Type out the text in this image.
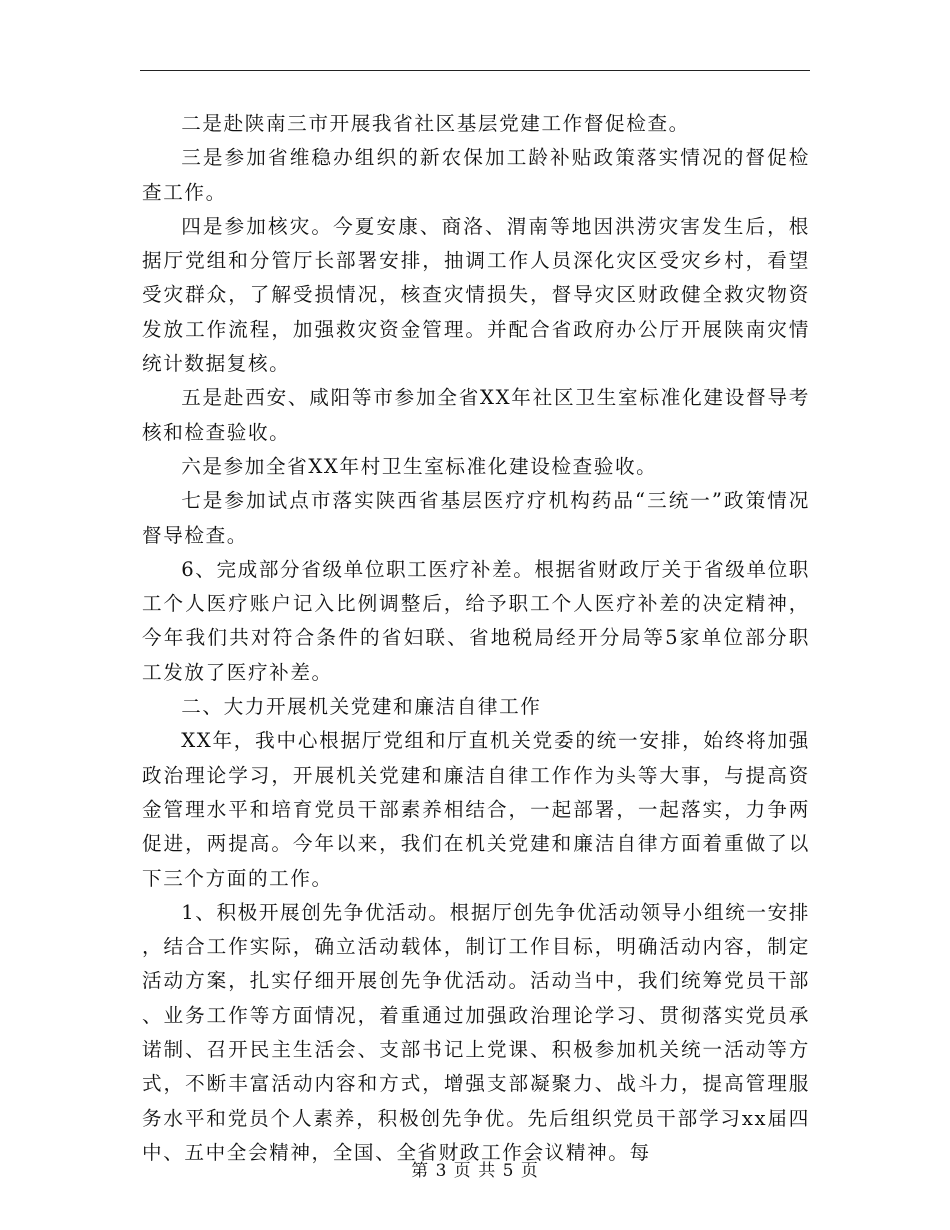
二是赴陕南三市开展我省社区基层党建工作督促检查。

三是参加省维稳办组织的新农保加工龄补贴政策落实情况的督促检查工作。

四是参加核灾。今夏安康、商洛、渭南等地因洪涝灾害发生后，根据厅党组和分管厅长部署安排，抽调工作人员深化灾区受灾乡村，看望受灾群众，了解受损情况，核查灾情损失，督导灾区财政健全救灾物资发放工作流程，加强救灾资金管理。并配合省政府办公厅开展陕南灾情统计数据复核。

五是赴西安、咸阳等市参加全省XX年社区卫生室标准化建设督导考核和检查验收。

六是参加全省XX年村卫生室标准化建设检查验收。

七是参加试点市落实陕西省基层医疗疗机构药品“三统一”政策情况督导检查。

6、完成部分省级单位职工医疗补差。根据省财政厅关于省级单位职工个人医疗账户记入比例调整后，给予职工个人医疗补差的决定精神，今年我们共对符合条件的省妇联、省地税局经开分局等5家单位部分职工发放了医疗补差。

二、大力开展机关党建和廉洁自律工作

XX年，我中心根据厅党组和厅直机关党委的统一安排，始终将加强政治理论学习，开展机关党建和廉洁自律工作作为头等大事，与提高资金管理水平和培育党员干部素养相结合，一起部署，一起落实，力争两促进，两提高。今年以来，我们在机关党建和廉洁自律方面着重做了以下三个方面的工作。

1、积极开展创先争优活动。根据厅创先争优活动领导小组统一安排，结合工作实际，确立活动载体，制订工作目标，明确活动内容，制定活动方案，扎实仔细开展创先争优活动。活动当中，我们统筹党员干部、业务工作等方面情况，着重通过加强政治理论学习、贯彻落实党员承诺制、召开民主生活会、支部书记上党课、积极参加机关统一活动等方式，不断丰富活动内容和方式，增强支部凝聚力、战斗力，提高管理服务水平和党员个人素养，积极创先争优。先后组织党员干部学习xx届四中、五中全会精神，全国、全省财政工作会议精神。每

第 3 页 共 5 页
